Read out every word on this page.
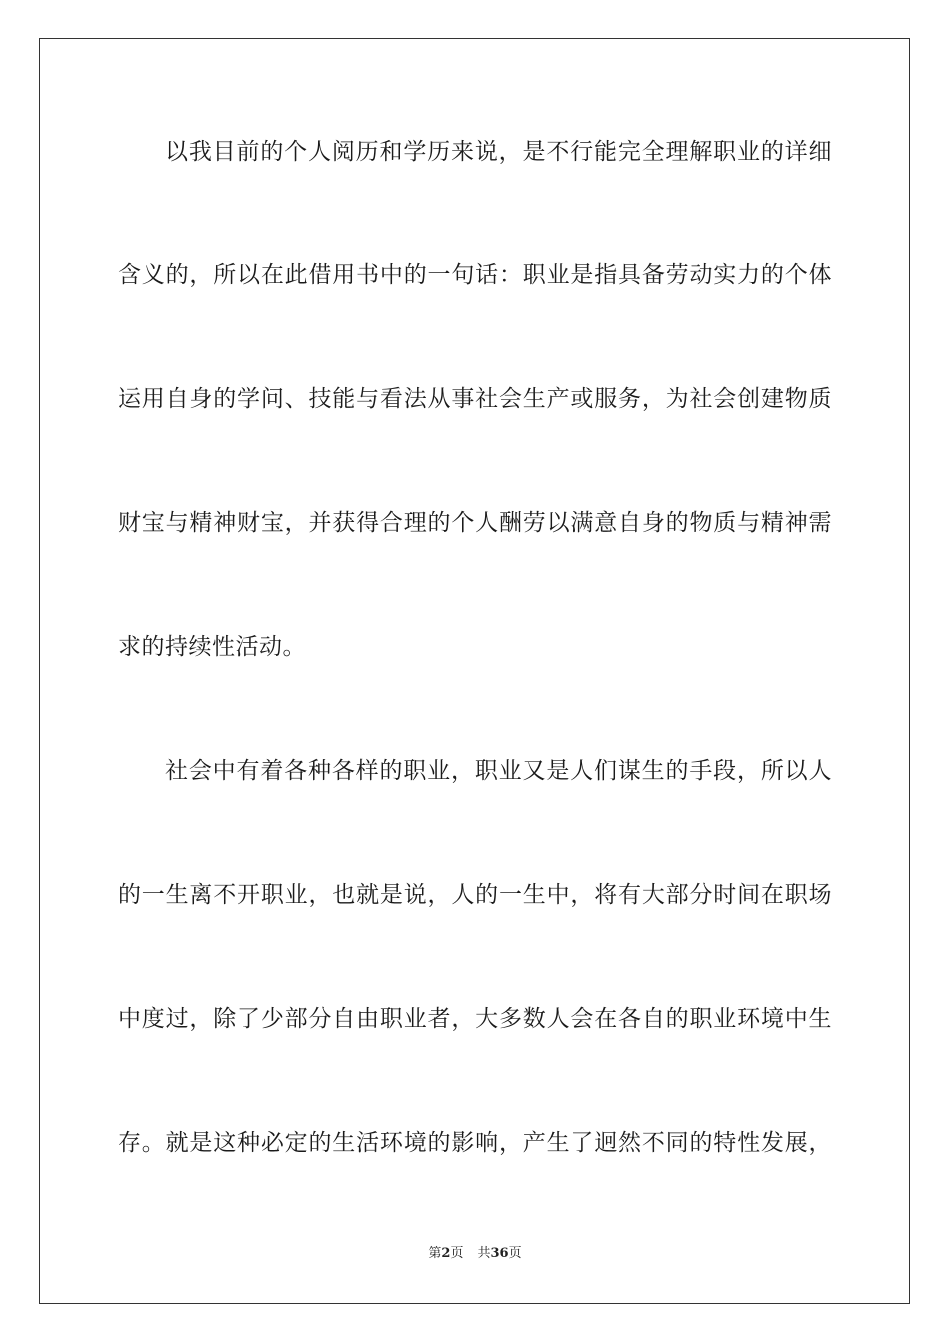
以我目前的个人阅历和学历来说，是不行能完全理解职业的详细
含义的，所以在此借用书中的一句话：职业是指具备劳动实力的个体
运用自身的学问、技能与看法从事社会生产或服务，为社会创建物质
财宝与精神财宝，并获得合理的个人酬劳以满意自身的物质与精神需
求的持续性活动。
社会中有着各种各样的职业，职业又是人们谋生的手段，所以人
的一生离不开职业，也就是说，人的一生中，将有大部分时间在职场
中度过，除了少部分自由职业者，大多数人会在各自的职业环境中生
存。就是这种必定的生活环境的影响，产生了迥然不同的特性发展，
第2页 共36页
